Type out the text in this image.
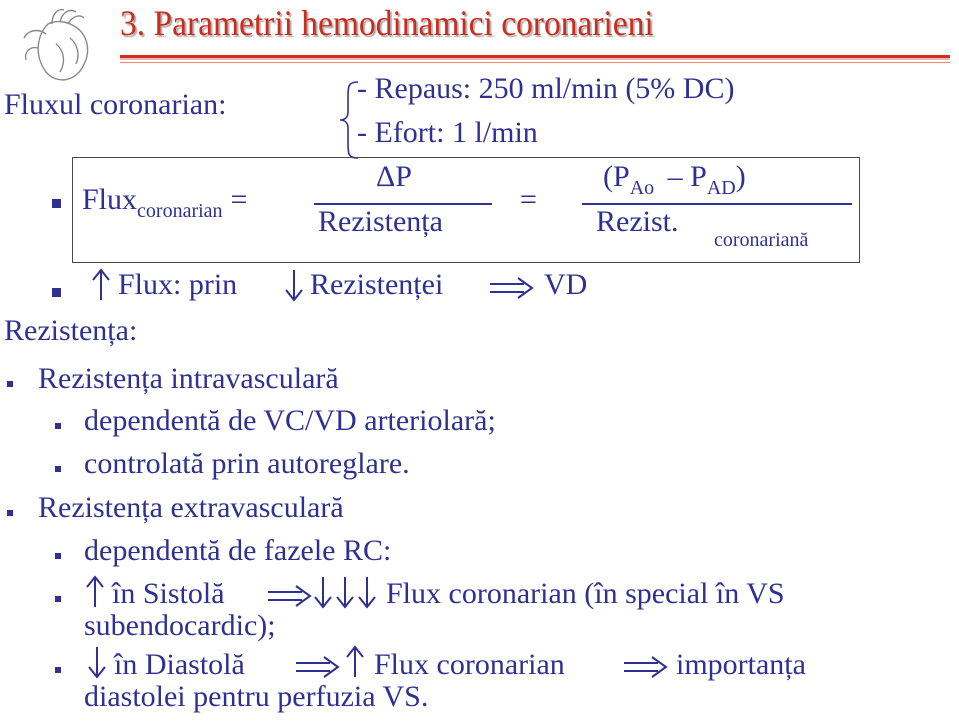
3. Parametrii hemodinamici coronarieni
Fluxul coronarian:	- Repaus: 250 ml/min (5% DC)
- Efort: 1 l/min
Flux$_{coronarian}$ =
ΔP
Rezistența
=
$(P_{Ao} - P_{AD})$
Rezist.
coronariană
Flux: prin Rezistenței	VD
Rezistența:
Rezistența intravasculară
dependentă de VC/VD arteriolară;
controlată prin autoreglare.
Rezistența extravasculară
dependentă de fazele RC:
în Sistolă	Flux coronarian (în special în VS
subendocardic);
în Diastolă	Flux coronarian	importanța
diastolei pentru perfuzia VS.
